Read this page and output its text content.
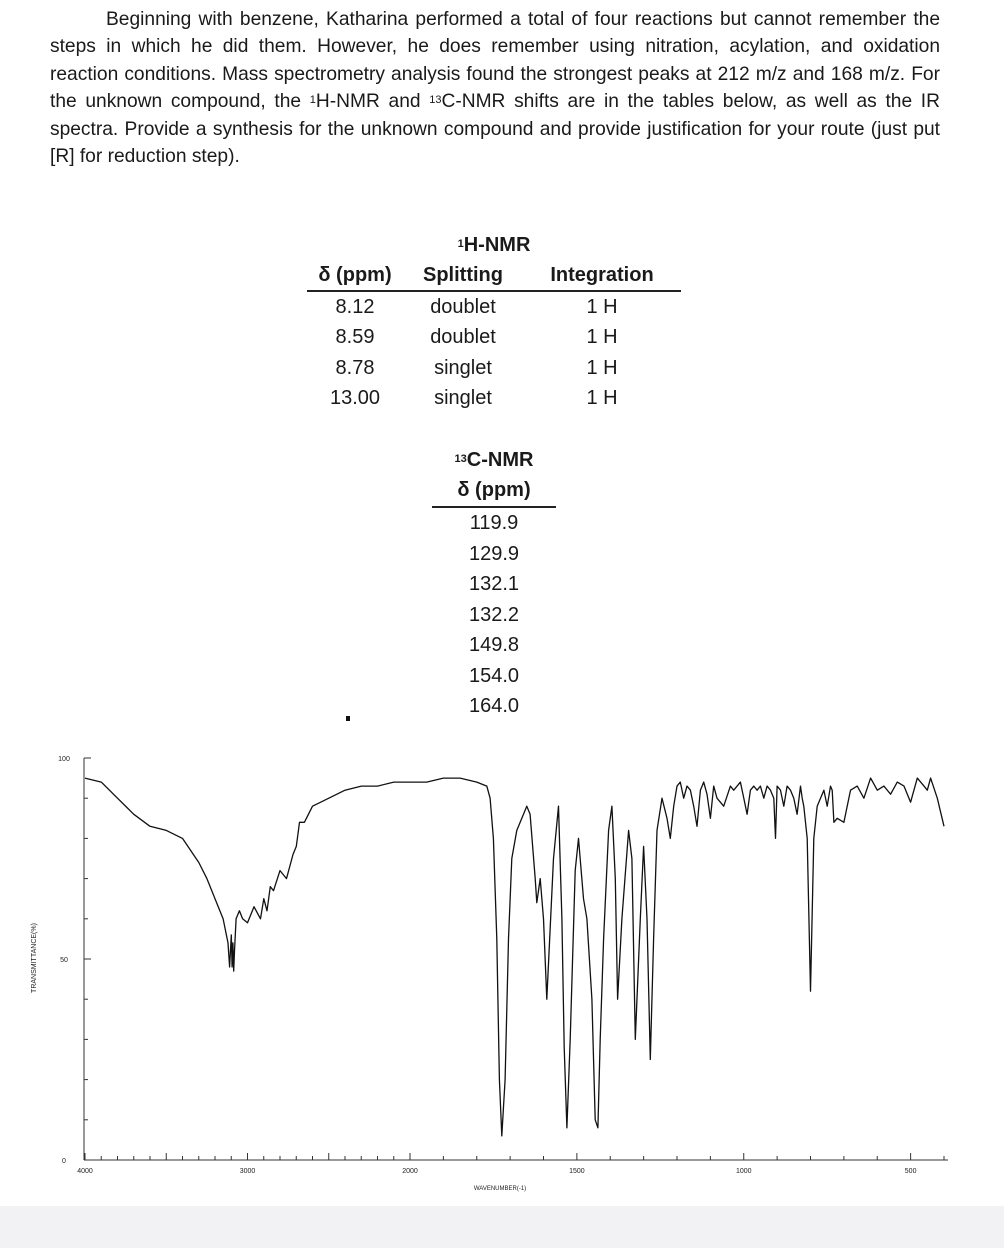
Beginning with benzene, Katharina performed a total of four reactions but cannot remember the steps in which he did them. However, he does remember using nitration, acylation, and oxidation reaction conditions. Mass spectrometry analysis found the strongest peaks at 212 m/z and 168 m/z. For the unknown compound, the $^1$H-NMR and $^{13}$C-NMR shifts are in the tables below, as well as the IR spectra. Provide a synthesis for the unknown compound and provide justification for your route (just put [R] for reduction step).
$^1$H-NMR
δ (ppm)	Splitting	Integration
8.12	doublet	1 H
8.59	doublet	1 H
8.78	singlet	1 H
13.00	singlet	1 H
$^{13}$C-NMR
δ (ppm)
119.9
129.9
132.1
132.2
149.8
154.0
164.0
4000	3000	2000	1500	1000	500
100
50
0
WAVENUMBER(-1)
TRANSMITTANCE(%)
